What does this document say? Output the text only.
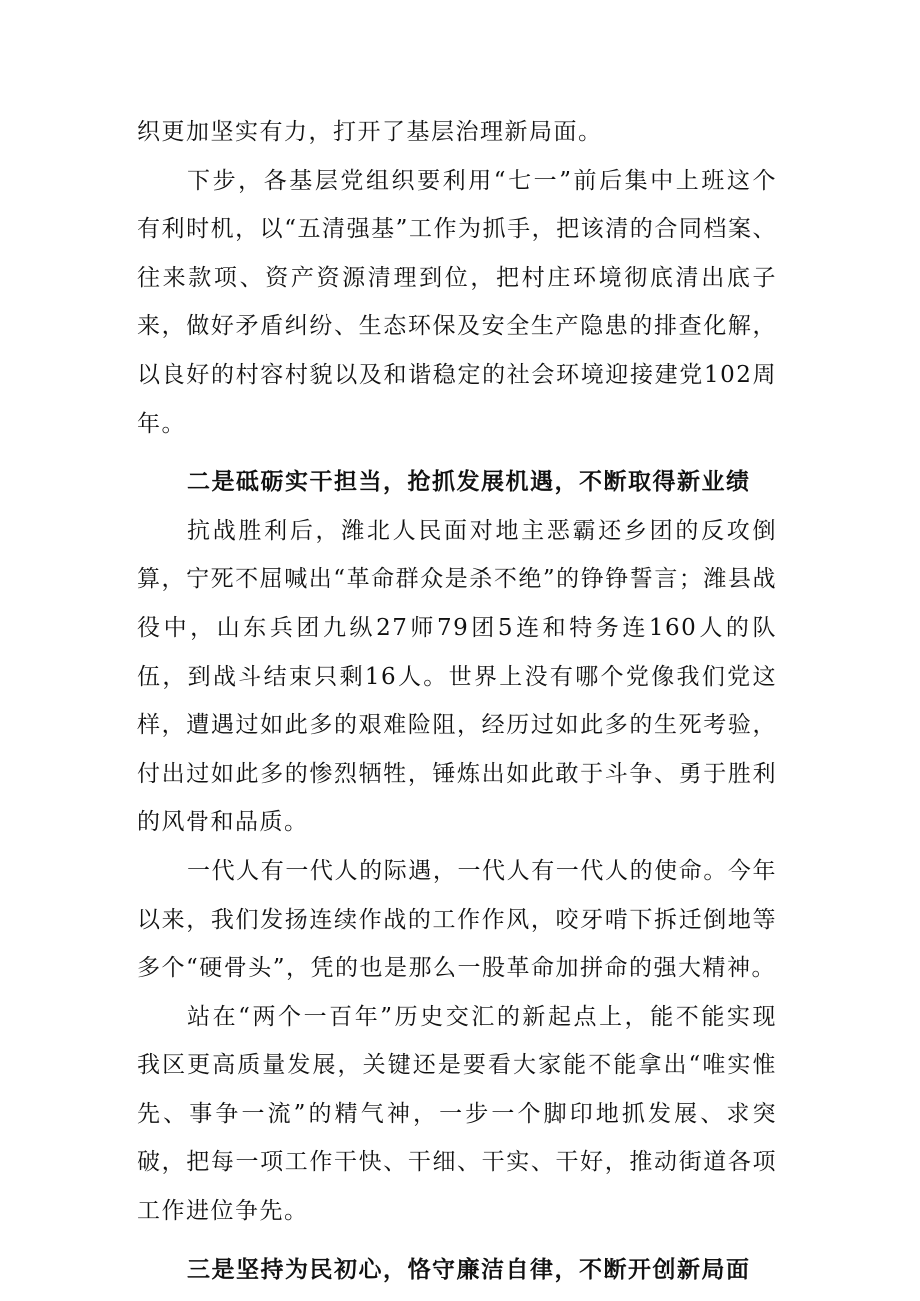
织更加坚实有力，打开了基层治理新局面。

下步，各基层党组织要利用“七一”前后集中上班这个有利时机，以“五清强基”工作为抓手，把该清的合同档案、往来款项、资产资源清理到位，把村庄环境彻底清出底子来，做好矛盾纠纷、生态环保及安全生产隐患的排查化解，以良好的村容村貌以及和谐稳定的社会环境迎接建党102周年。

二是砥砺实干担当，抢抓发展机遇，不断取得新业绩

抗战胜利后，潍北人民面对地主恶霸还乡团的反攻倒算，宁死不屈喊出“革命群众是杀不绝”的铮铮誓言；潍县战役中，山东兵团九纵27师79团5连和特务连160人的队伍，到战斗结束只剩16人。世界上没有哪个党像我们党这样，遭遇过如此多的艰难险阻，经历过如此多的生死考验，付出过如此多的惨烈牺牲，锤炼出如此敢于斗争、勇于胜利的风骨和品质。

一代人有一代人的际遇，一代人有一代人的使命。今年以来，我们发扬连续作战的工作作风，咬牙啃下拆迁倒地等多个“硬骨头”，凭的也是那么一股革命加拼命的强大精神。

站在“两个一百年”历史交汇的新起点上，能不能实现我区更高质量发展，关键还是要看大家能不能拿出“唯实惟先、事争一流”的精气神，一步一个脚印地抓发展、求突破，把每一项工作干快、干细、干实、干好，推动街道各项工作进位争先。

三是坚持为民初心，恪守廉洁自律，不断开创新局面
